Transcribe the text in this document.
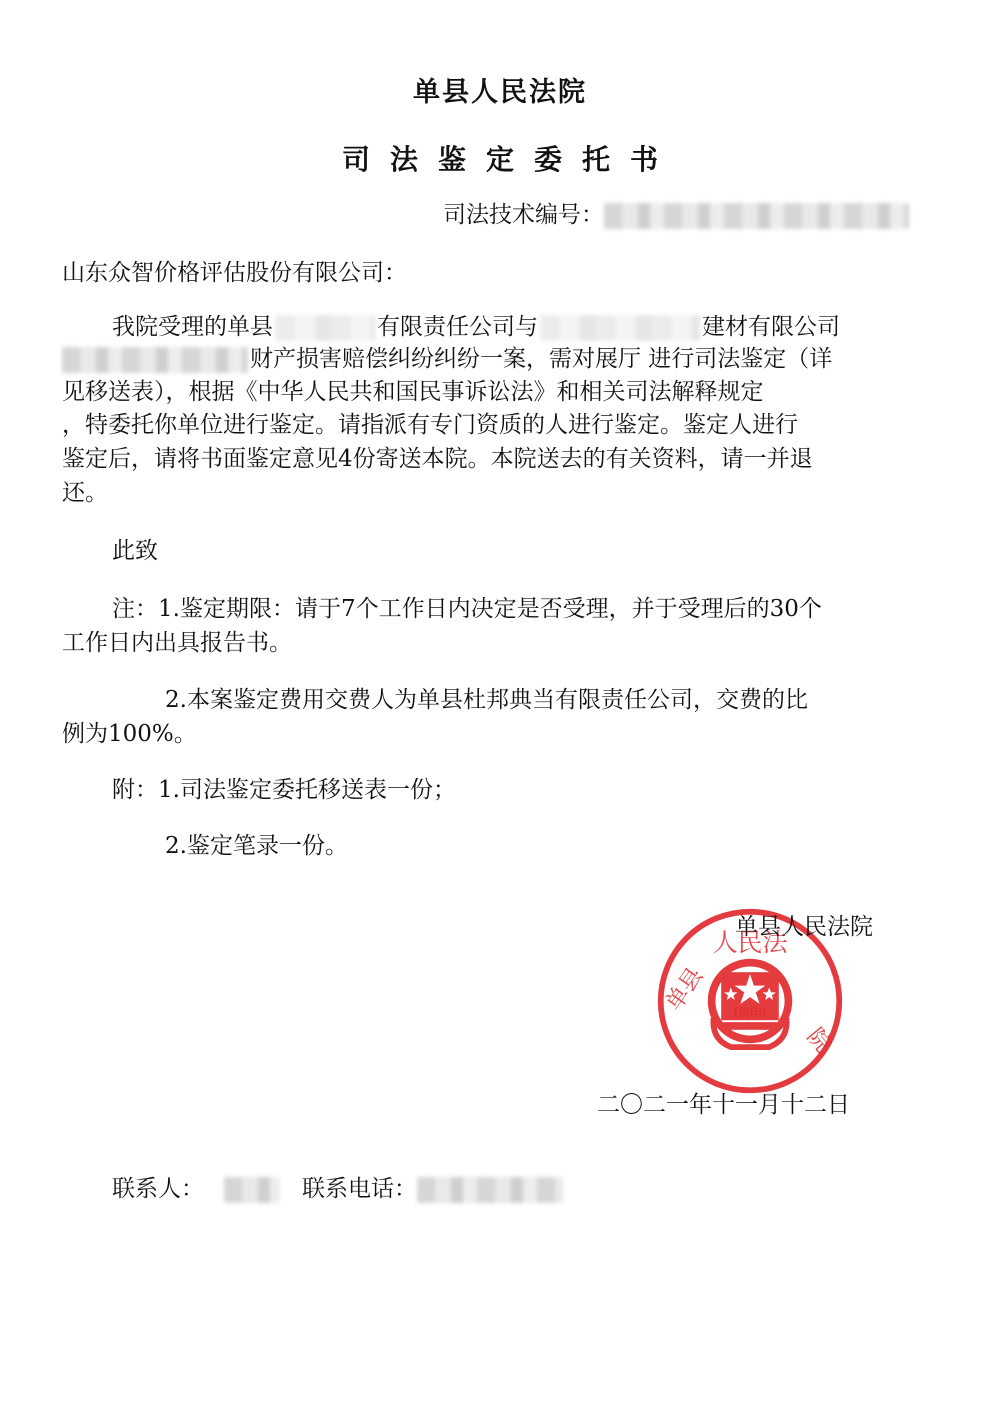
单县人民法院
司法鉴定委托书
司法技术编号：
山东众智价格评估股份有限公司：
我院受理的单县	有限责任公司与	建材有限公司
财产损害赔偿纠纷纠纷一案，需对展厅 进行司法鉴定（详
见移送表），根据《中华人民共和国民事诉讼法》和相关司法解释规定
，特委托你单位进行鉴定。请指派有专门资质的人进行鉴定。鉴定人进行
鉴定后，请将书面鉴定意见4份寄送本院。本院送去的有关资料，请一并退
还。
此致
注：1.鉴定期限：请于7个工作日内决定是否受理，并于受理后的30个
工作日内出具报告书。
2.本案鉴定费用交费人为单县杜邦典当有限责任公司，交费的比
例为100%。
附：1.司法鉴定委托移送表一份；
2.鉴定笔录一份。
人民法
单县
院
(院印)
单县人民法院
二〇二一年十一月十二日
联系人：	联系电话：
